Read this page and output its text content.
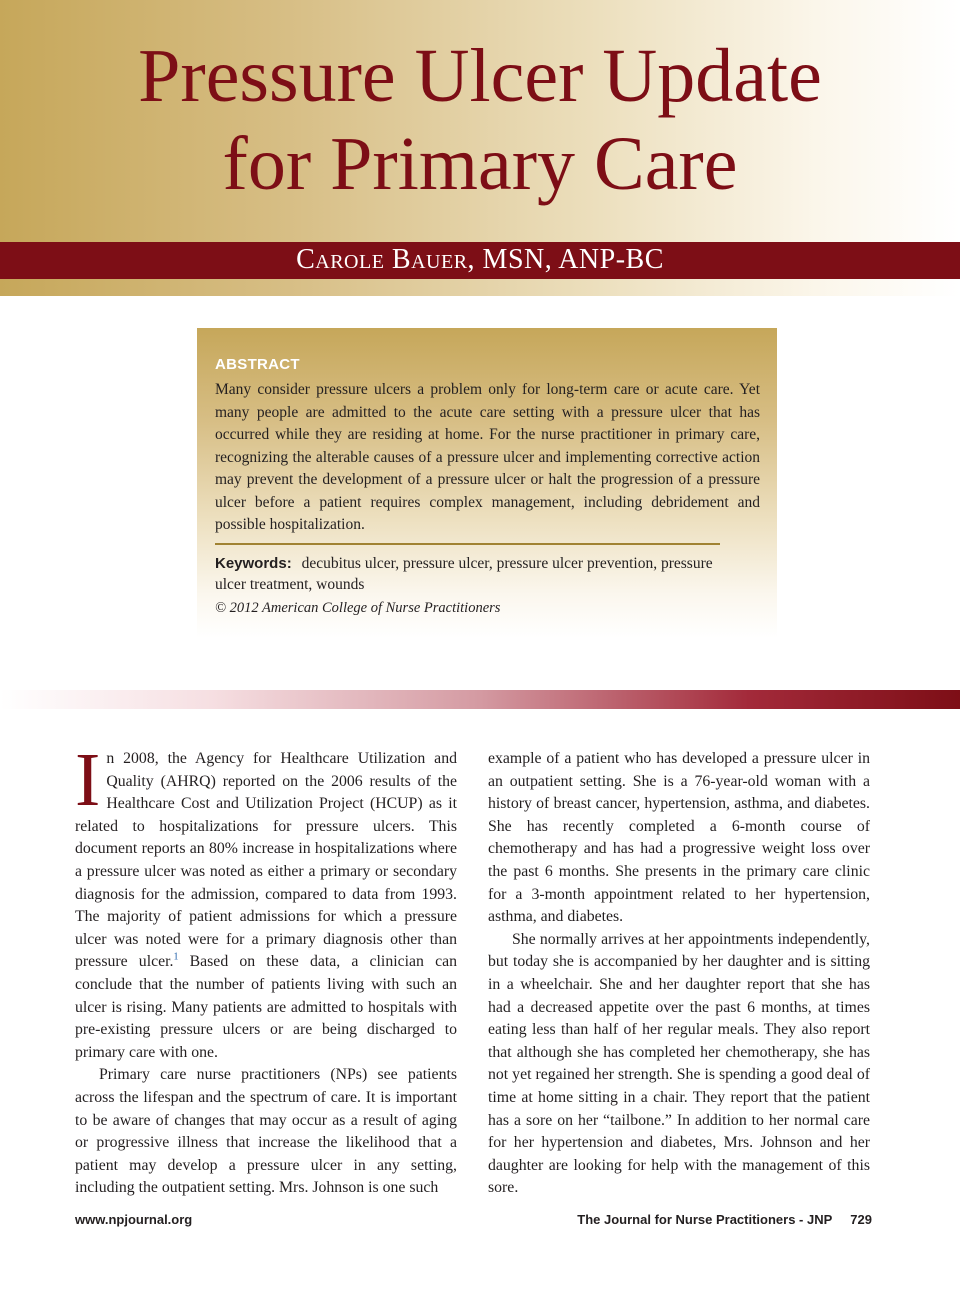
Pressure Ulcer Update
for Primary Care
Carole Bauer, MSN, ANP-BC
ABSTRACT
Many consider pressure ulcers a problem only for long-term care or acute care. Yet many people are admitted to the acute care setting with a pressure ulcer that has occurred while they are residing at home. For the nurse practitioner in primary care, recognizing the alterable causes of a pressure ulcer and implementing corrective action may prevent the development of a pressure ulcer or halt the progression of a pressure ulcer before a patient requires complex management, including debridement and possible hospitalization.
Keywords: decubitus ulcer, pressure ulcer, pressure ulcer prevention, pressure ulcer treatment, wounds
© 2012 American College of Nurse Practitioners

In 2008, the Agency for Healthcare Utilization and Quality (AHRQ) reported on the 2006 results of the Healthcare Cost and Utilization Project (HCUP) as it related to hospitalizations for pressure ulcers. This document reports an 80% increase in hospitalizations where a pressure ulcer was noted as either a primary or secondary diagnosis for the admission, compared to data from 1993. The majority of patient admissions for which a pressure ulcer was noted were for a primary diagnosis other than pressure ulcer.$^1$ Based on these data, a clinician can conclude that the number of patients living with such an ulcer is rising. Many patients are admitted to hospitals with pre-existing pressure ulcers or are being discharged to primary care with one.

Primary care nurse practitioners (NPs) see patients across the lifespan and the spectrum of care. It is important to be aware of changes that may occur as a result of aging or progressive illness that increase the likelihood that a patient may develop a pressure ulcer in any setting, including the outpatient setting. Mrs. Johnson is one such

example of a patient who has developed a pressure ulcer in an outpatient setting. She is a 76-year-old woman with a history of breast cancer, hypertension, asthma, and diabetes. She has recently completed a 6-month course of chemotherapy and has had a progressive weight loss over the past 6 months. She presents in the primary care clinic for a 3-month appointment related to her hypertension, asthma, and diabetes.

She normally arrives at her appointments independently, but today she is accompanied by her daughter and is sitting in a wheelchair. She and her daughter report that she has had a decreased appetite over the past 6 months, at times eating less than half of her regular meals. They also report that although she has completed her chemotherapy, she has not yet regained her strength. She is spending a good deal of time at home sitting in a chair. They report that the patient has a sore on her “tailbone.” In addition to her normal care for her hypertension and diabetes, Mrs. Johnson and her daughter are looking for help with the management of this sore.

www.npjournal.org	The Journal for Nurse Practitioners - JNP 729
